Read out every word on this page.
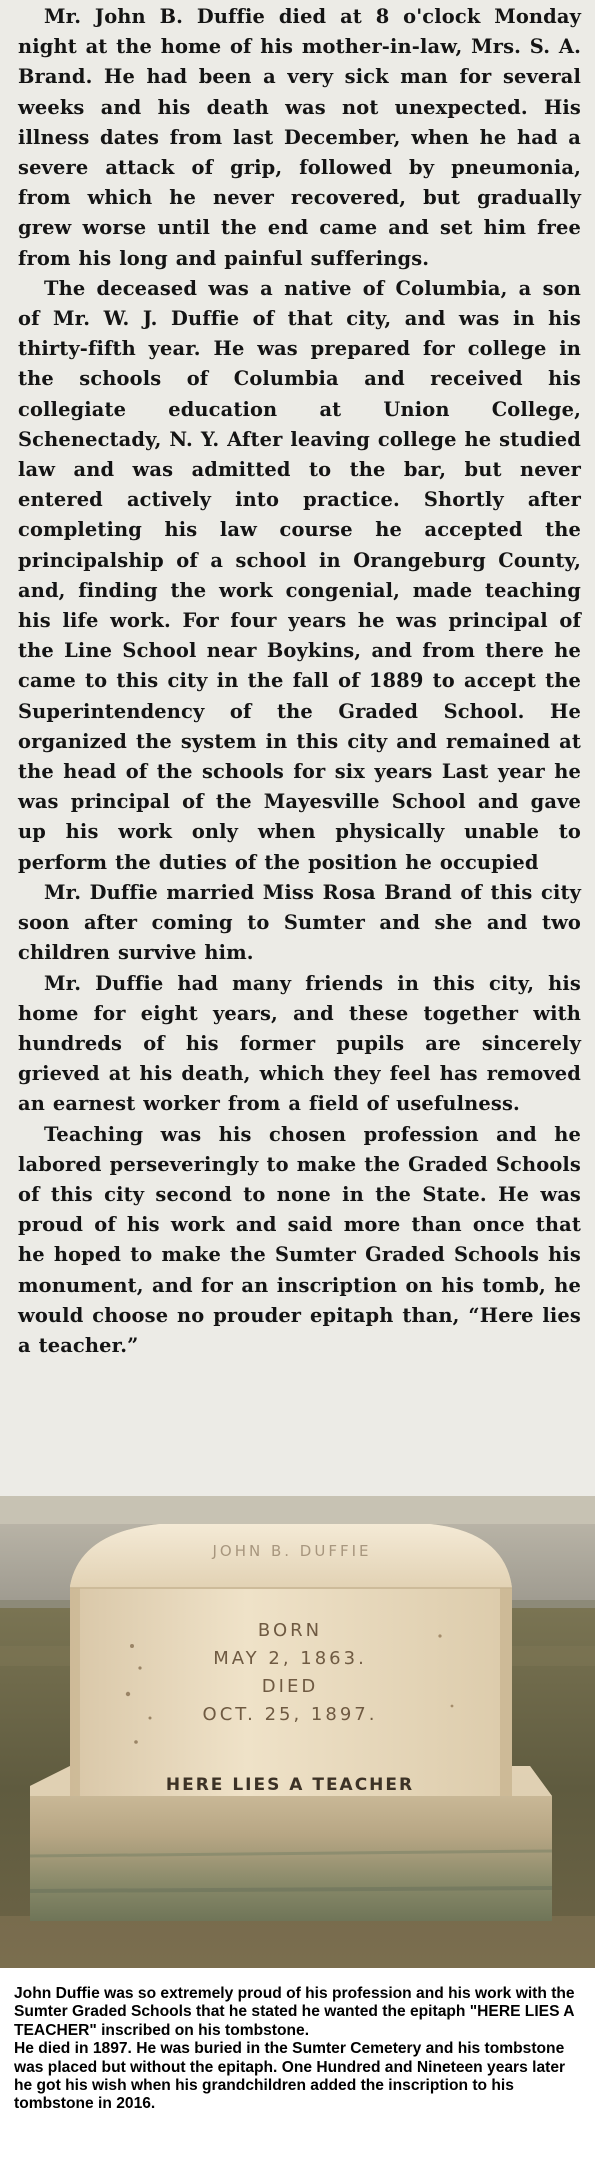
Mr. John B. Duffie died at 8 o'clock Monday night at the home of his mother-in-law, Mrs. S. A. Brand. He had been a very sick man for several weeks and his death was not unexpected. His illness dates from last December, when he had a severe attack of grip, followed by pneumonia, from which he never recovered, but gradually grew worse until the end came and set him free from his long and painful sufferings.

The deceased was a native of Columbia, a son of Mr. W. J. Duffie of that city, and was in his thirty-fifth year. He was prepared for college in the schools of Columbia and received his collegiate education at Union College, Schenectady, N. Y. After leaving college he studied law and was admitted to the bar, but never entered actively into practice. Shortly after completing his law course he accepted the principalship of a school in Orangeburg County, and, finding the work congenial, made teaching his life work. For four years he was principal of the Line School near Boykins, and from there he came to this city in the fall of 1889 to accept the Superintendency of the Graded School. He organized the system in this city and remained at the head of the schools for six years Last year he was principal of the Mayesville School and gave up his work only when physically unable to perform the duties of the position he occupied

Mr. Duffie married Miss Rosa Brand of this city soon after coming to Sumter and she and two children survive him.

Mr. Duffie had many friends in this city, his home for eight years, and these together with hundreds of his former pupils are sincerely grieved at his death, which they feel has removed an earnest worker from a field of usefulness.

Teaching was his chosen profession and he labored perseveringly to make the Graded Schools of this city second to none in the State. He was proud of his work and said more than once that he hoped to make the Sumter Graded Schools his monument, and for an inscription on his tomb, he would choose no prouder epitaph than, “Here lies a teacher.”

JOHN B. DUFFIE
BORN
MAY 2, 1863.
DIED
OCT. 25, 1897.
HERE LIES A TEACHER

John Duffie was so extremely proud of his profession and his work with the Sumter Graded Schools that he stated he wanted the epitaph "HERE LIES A TEACHER" inscribed on his tombstone.

He died in 1897. He was buried in the Sumter Cemetery and his tombstone was placed but without the epitaph. One Hundred and Nineteen years later he got his wish when his grandchildren added the inscription to his tombstone in 2016.
